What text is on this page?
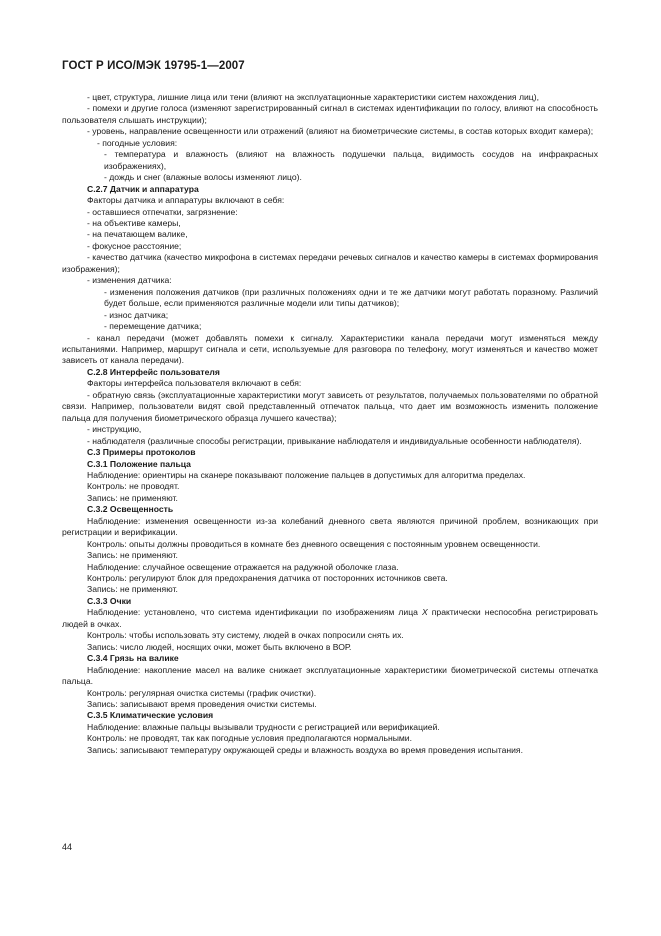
ГОСТ Р ИСО/МЭК 19795-1—2007

- цвет, структура, лишние лица или тени (влияют на эксплуатационные характеристики систем нахождения лиц),

- помехи и другие голоса (изменяют зарегистрированный сигнал в системах идентификации по голосу, влияют на способность пользователя слышать инструкции);

- уровень, направление освещенности или отражений (влияют на биометрические системы, в состав которых входит камера);

- погодные условия:

- температура и влажность (влияют на влажность подушечки пальца, видимость сосудов на инфракрасных изображениях),

- дождь и снег (влажные волосы изменяют лицо).

С.2.7 Датчик и аппаратура

Факторы датчика и аппаратуры включают в себя:

- оставшиеся отпечатки, загрязнение:

- на объективе камеры,

- на печатающем валике,

- фокусное расстояние;

- качество датчика (качество микрофона в системах передачи речевых сигналов и качество камеры в системах формирования изображения);

- изменения датчика:

- изменения положения датчиков (при различных положениях одни и те же датчики могут работать поразному. Различий будет больше, если применяются различные модели или типы датчиков);

- износ датчика;

- перемещение датчика;

- канал передачи (может добавлять помехи к сигналу. Характеристики канала передачи могут изменяться между испытаниями. Например, маршрут сигнала и сети, используемые для разговора по телефону, могут изменяться и качество может зависеть от канала передачи).

С.2.8 Интерфейс пользователя

Факторы интерфейса пользователя включают в себя:

- обратную связь (эксплуатационные характеристики могут зависеть от результатов, получаемых пользователями по обратной связи. Например, пользователи видят свой представленный отпечаток пальца, что дает им возможность изменить положение пальца для получения биометрического образца лучшего качества);

- инструкцию,

- наблюдателя (различные способы регистрации, привыкание наблюдателя и индивидуальные особенности наблюдателя).

С.3 Примеры протоколов

С.3.1 Положение пальца

Наблюдение: ориентиры на сканере показывают положение пальцев в допустимых для алгоритма пределах.

Контроль: не проводят.

Запись: не применяют.

С.3.2 Освещенность

Наблюдение: изменения освещенности из-за колебаний дневного света являются причиной проблем, возникающих при регистрации и верификации.

Контроль: опыты должны проводиться в комнате без дневного освещения с постоянным уровнем освещенности.

Запись: не применяют.

Наблюдение: случайное освещение отражается на радужной оболочке глаза.

Контроль: регулируют блок для предохранения датчика от посторонних источников света.

Запись: не применяют.

С.3.3 Очки

Наблюдение: установлено, что система идентификации по изображениям лица X практически неспособна регистрировать людей в очках.

Контроль: чтобы использовать эту систему, людей в очках попросили снять их.

Запись: число людей, носящих очки, может быть включено в ВОР.

С.3.4 Грязь на валике

Наблюдение: накопление масел на валике снижает эксплуатационные характеристики биометрической системы отпечатка пальца.

Контроль: регулярная очистка системы (график очистки).

Запись: записывают время проведения очистки системы.

С.3.5 Климатические условия

Наблюдение: влажные пальцы вызывали трудности с регистрацией или верификацией.

Контроль: не проводят, так как погодные условия предполагаются нормальными.

Запись: записывают температуру окружающей среды и влажность воздуха во время проведения испытания.

44
